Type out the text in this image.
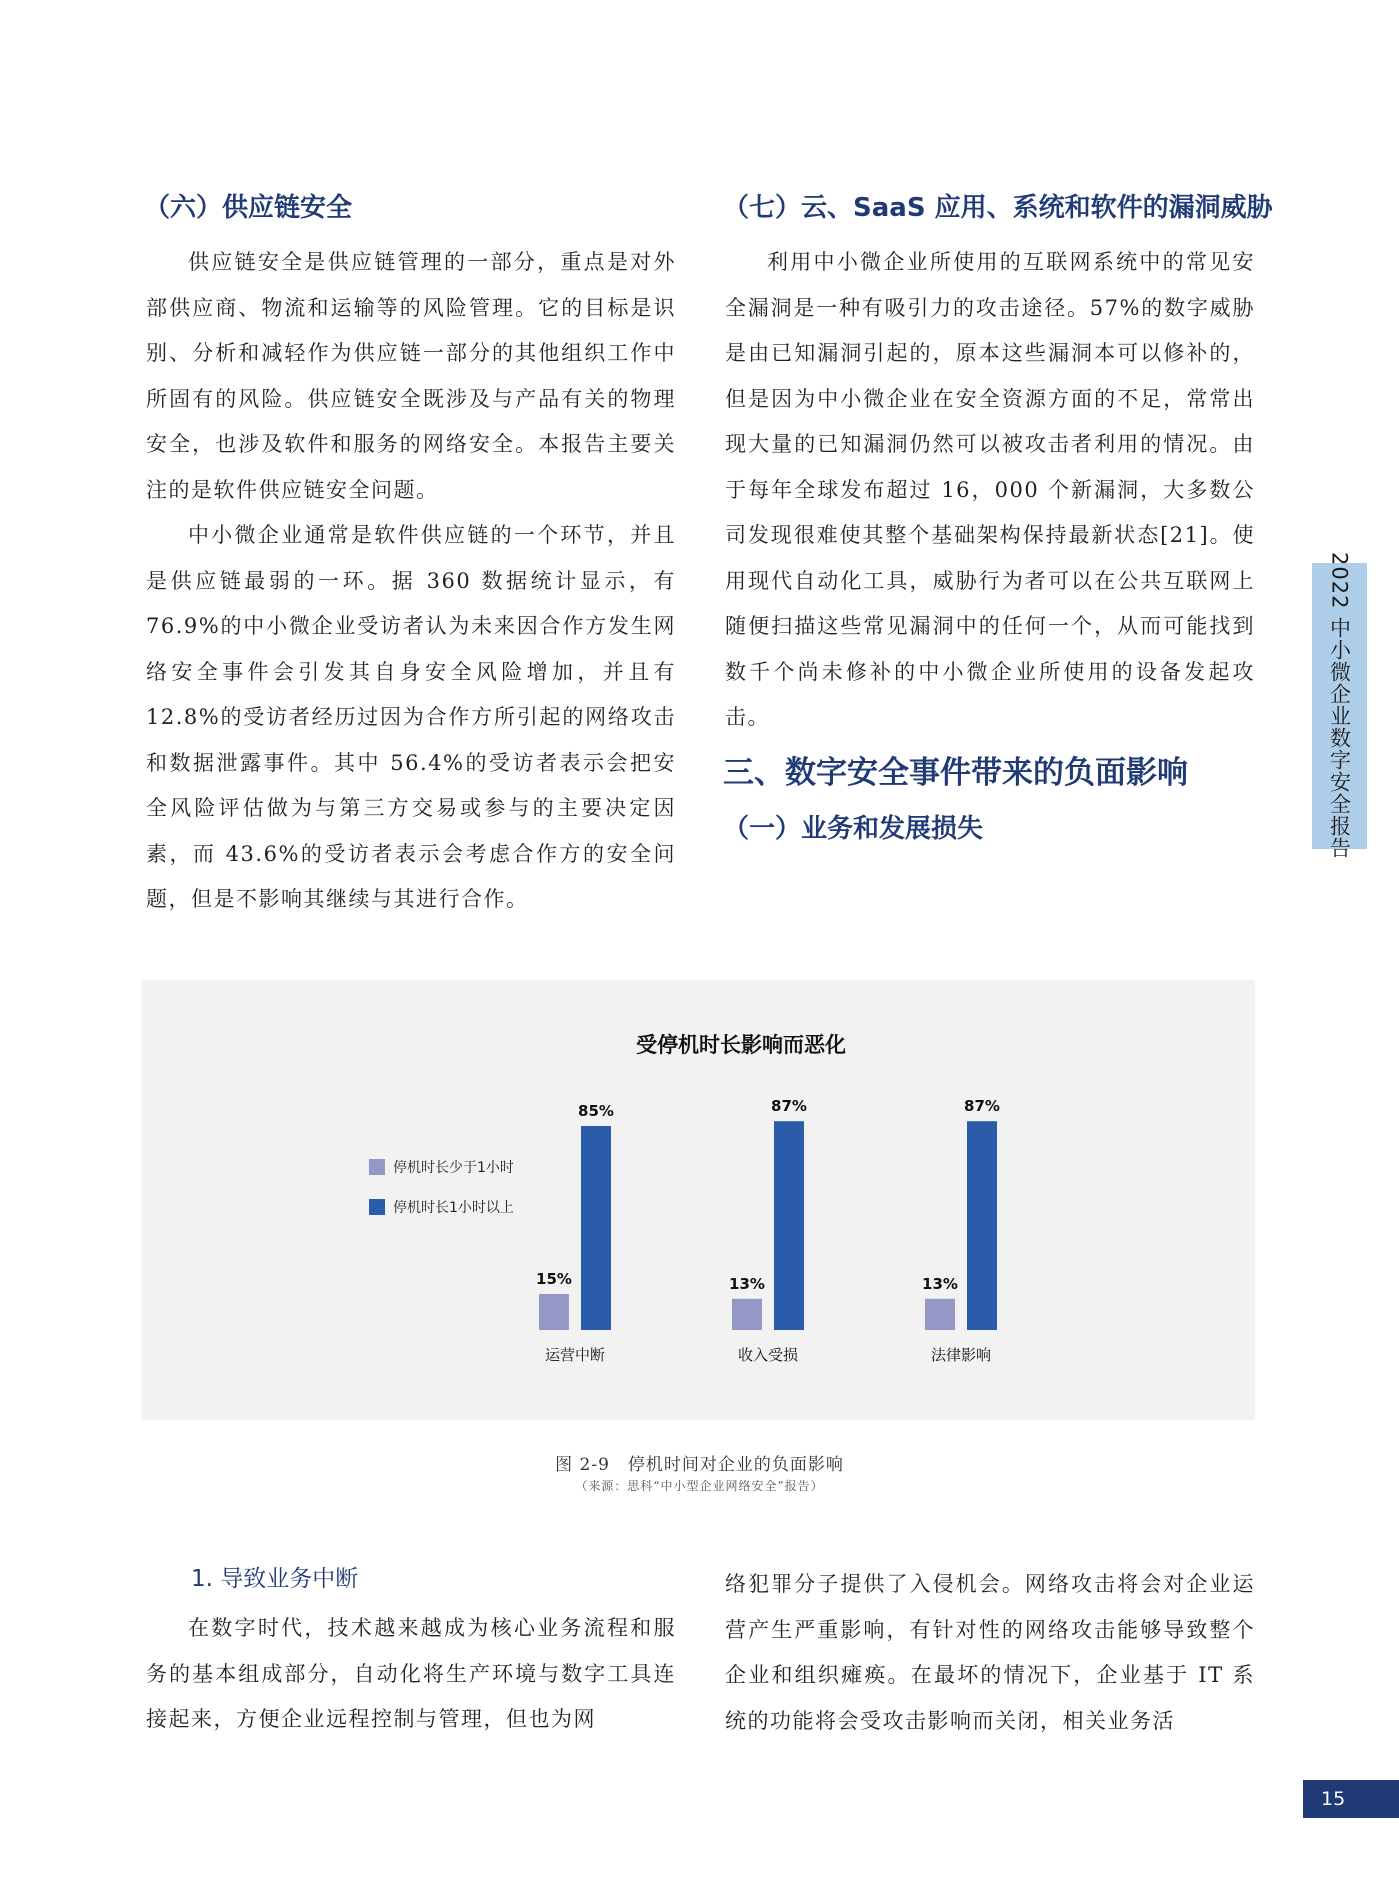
（六）供应链安全

供应链安全是供应链管理的一部分，重点是对外部供应商、物流和运输等的风险管理。它的目标是识别、分析和减轻作为供应链一部分的其他组织工作中所固有的风险。供应链安全既涉及与产品有关的物理安全，也涉及软件和服务的网络安全。本报告主要关注的是软件供应链安全问题。

中小微企业通常是软件供应链的一个环节，并且是供应链最弱的一环。据 360 数据统计显示，有 76.9%的中小微企业受访者认为未来因合作方发生网络安全事件会引发其自身安全风险增加，并且有 12.8%的受访者经历过因为合作方所引起的网络攻击和数据泄露事件。其中 56.4%的受访者表示会把安全风险评估做为与第三方交易或参与的主要决定因素，而 43.6%的受访者表示会考虑合作方的安全问题，但是不影响其继续与其进行合作。

（七）云、SaaS 应用、系统和软件的漏洞威胁

利用中小微企业所使用的互联网系统中的常见安全漏洞是一种有吸引力的攻击途径。57%的数字威胁是由已知漏洞引起的，原本这些漏洞本可以修补的，但是因为中小微企业在安全资源方面的不足，常常出现大量的已知漏洞仍然可以被攻击者利用的情况。由于每年全球发布超过 16，000 个新漏洞，大多数公司发现很难使其整个基础架构保持最新状态[21]。使用现代自动化工具，威胁行为者可以在公共互联网上随便扫描这些常见漏洞中的任何一个，从而可能找到数千个尚未修补的中小微企业所使用的设备发起攻击。

三、数字安全事件带来的负面影响
（一）业务和发展损失
受停机时长影响而恶化
15%
85%
运营中断
13%
87%
收入受损
13%
87%
法律影响
停机时长少于1小时
停机时长1小时以上
图 2-9　停机时间对企业的负面影响
（来源：思科“中小型企业网络安全”报告）
1. 导致业务中断

在数字时代，技术越来越成为核心业务流程和服务的基本组成部分，自动化将生产环境与数字工具连接起来，方便企业远程控制与管理，但也为网

络犯罪分子提供了入侵机会。网络攻击将会对企业运营产生严重影响，有针对性的网络攻击能够导致整个企业和组织瘫痪。在最坏的情况下，企业基于 IT 系统的功能将会受攻击影响而关闭，相关业务活

2022 中小微企业数字安全报告
15
